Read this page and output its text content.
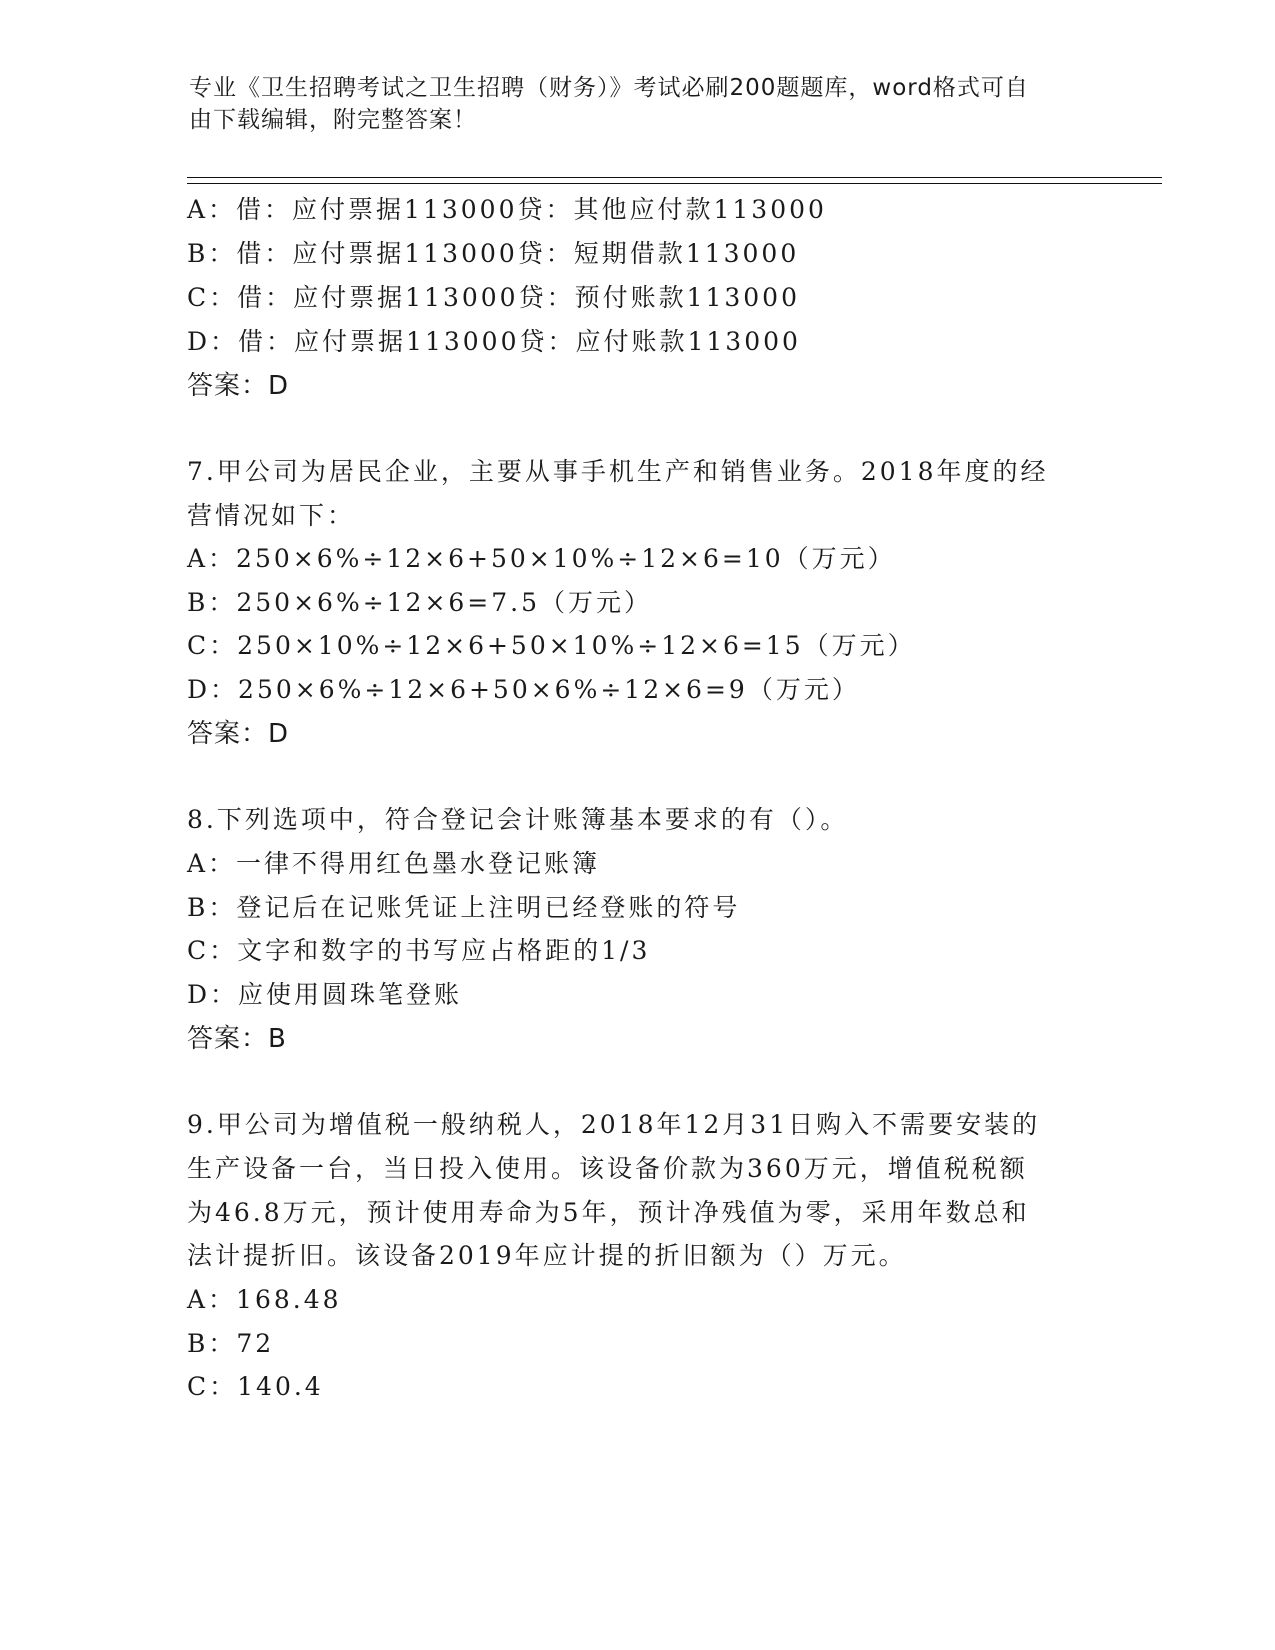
专业《卫生招聘考试之卫生招聘（财务）》考试必刷200题题库，word格式可自
由下载编辑，附完整答案！
A：借：应付票据113000贷：其他应付款113000
B：借：应付票据113000贷：短期借款113000
C：借：应付票据113000贷：预付账款113000
D：借：应付票据113000贷：应付账款113000
答案：D
7.甲公司为居民企业，主要从事手机生产和销售业务。2018年度的经
营情况如下：
A：250×6%÷12×6+50×10%÷12×6=10（万元）
B：250×6%÷12×6=7.5（万元）
C：250×10%÷12×6+50×10%÷12×6=15（万元）
D：250×6%÷12×6+50×6%÷12×6=9（万元）
答案：D
8.下列选项中，符合登记会计账簿基本要求的有（）。
A：一律不得用红色墨水登记账簿
B：登记后在记账凭证上注明已经登账的符号
C：文字和数字的书写应占格距的1/3
D：应使用圆珠笔登账
答案：B
9.甲公司为增值税一般纳税人，2018年12月31日购入不需要安装的
生产设备一台，当日投入使用。该设备价款为360万元，增值税税额
为46.8万元，预计使用寿命为5年，预计净残值为零，采用年数总和
法计提折旧。该设备2019年应计提的折旧额为（）万元。
A：168.48
B：72
C：140.4
